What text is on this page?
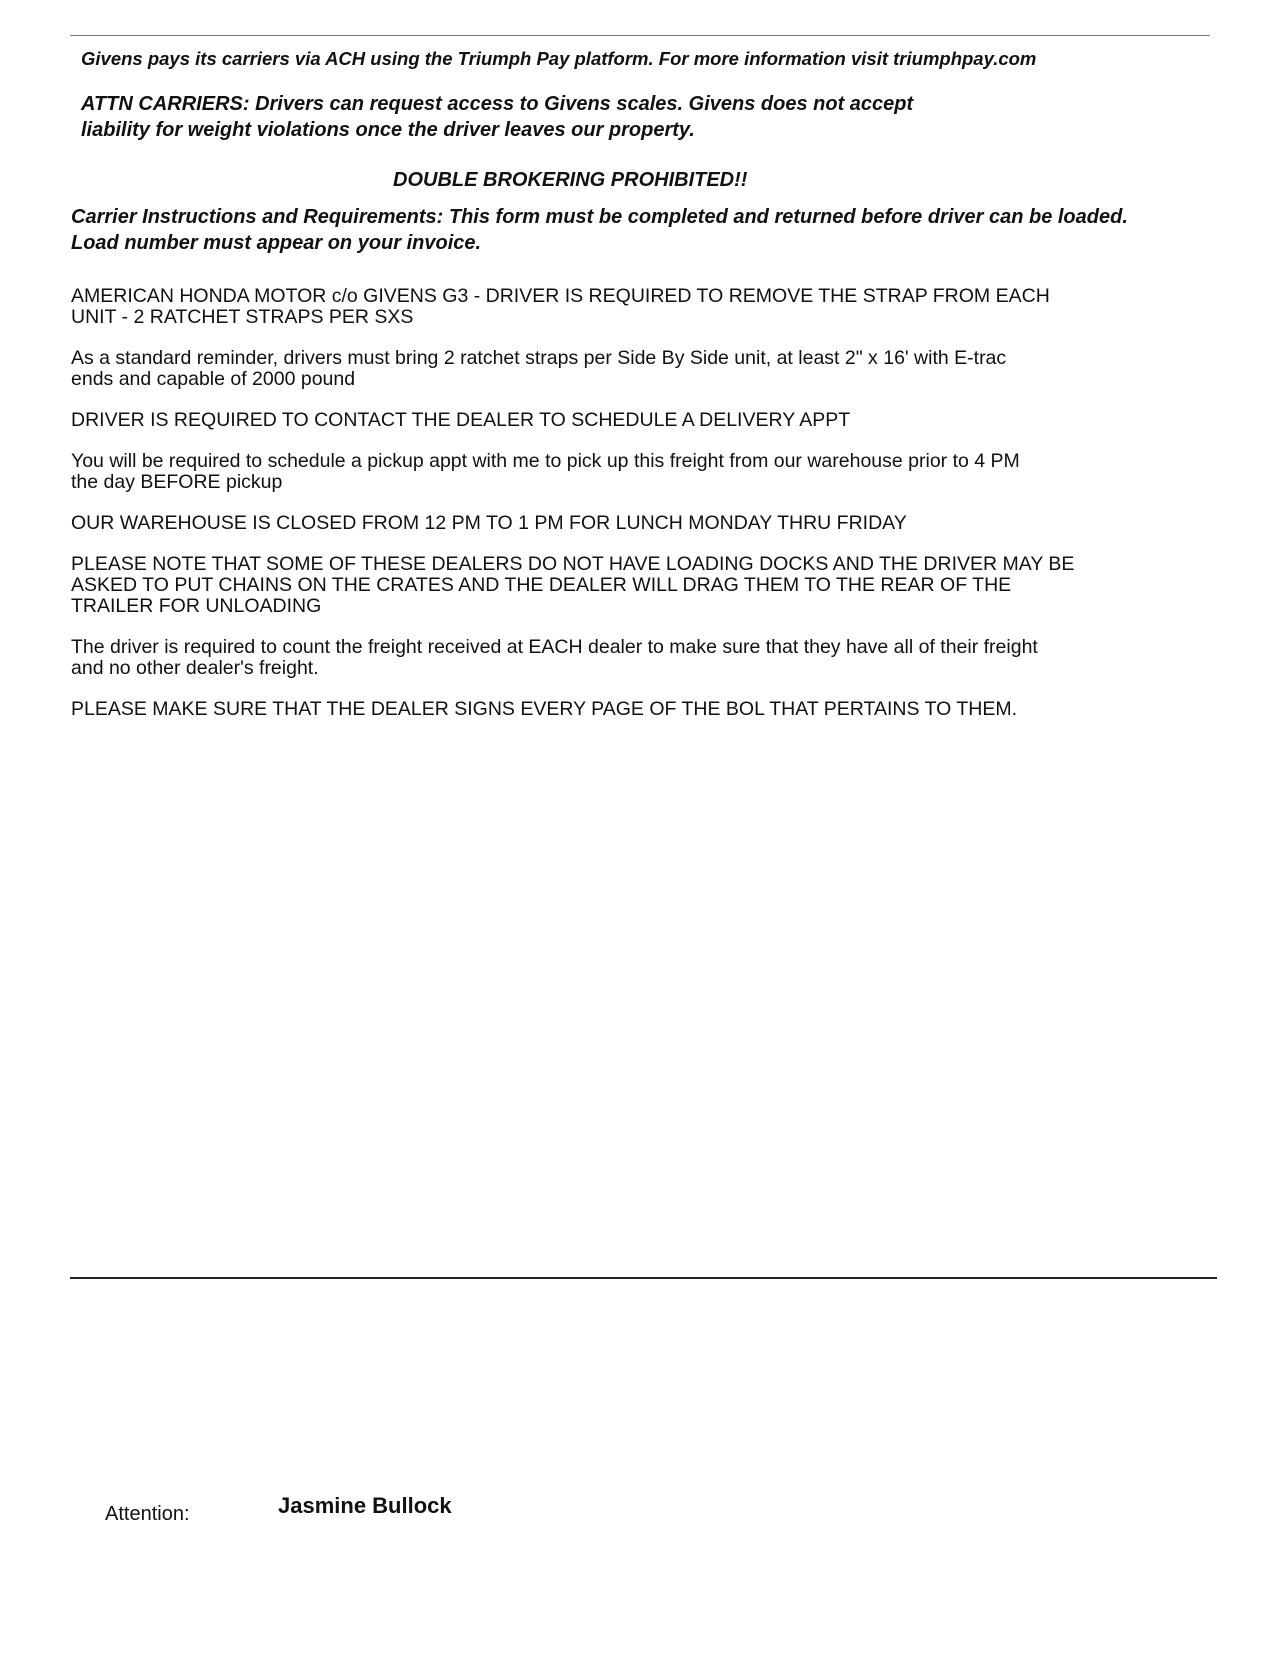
Givens pays its carriers via ACH using the Triumph Pay platform. For more information visit triumphpay.com
ATTN CARRIERS: Drivers can request access to Givens scales. Givens does not accept
liability for weight violations once the driver leaves our property.
DOUBLE BROKERING PROHIBITED!!
Carrier Instructions and Requirements: This form must be completed and returned before driver can be loaded.
Load number must appear on your invoice.
AMERICAN HONDA MOTOR c/o GIVENS G3 - DRIVER IS REQUIRED TO REMOVE THE STRAP FROM EACH
UNIT - 2 RATCHET STRAPS PER SXS
As a standard reminder, drivers must bring 2 ratchet straps per Side By Side unit, at least 2" x 16' with E-trac
ends and capable of 2000 pound
DRIVER IS REQUIRED TO CONTACT THE DEALER TO SCHEDULE A DELIVERY APPT
You will be required to schedule a pickup appt with me to pick up this freight from our warehouse prior to 4 PM
the day BEFORE pickup
OUR WAREHOUSE IS CLOSED FROM 12 PM TO 1 PM FOR LUNCH MONDAY THRU FRIDAY
PLEASE NOTE THAT SOME OF THESE DEALERS DO NOT HAVE LOADING DOCKS AND THE DRIVER MAY BE
ASKED TO PUT CHAINS ON THE CRATES AND THE DEALER WILL DRAG THEM TO THE REAR OF THE
TRAILER FOR UNLOADING
The driver is required to count the freight received at EACH dealer to make sure that they have all of their freight
and no other dealer's freight.
PLEASE MAKE SURE THAT THE DEALER SIGNS EVERY PAGE OF THE BOL THAT PERTAINS TO THEM.
Attention:	Jasmine Bullock
